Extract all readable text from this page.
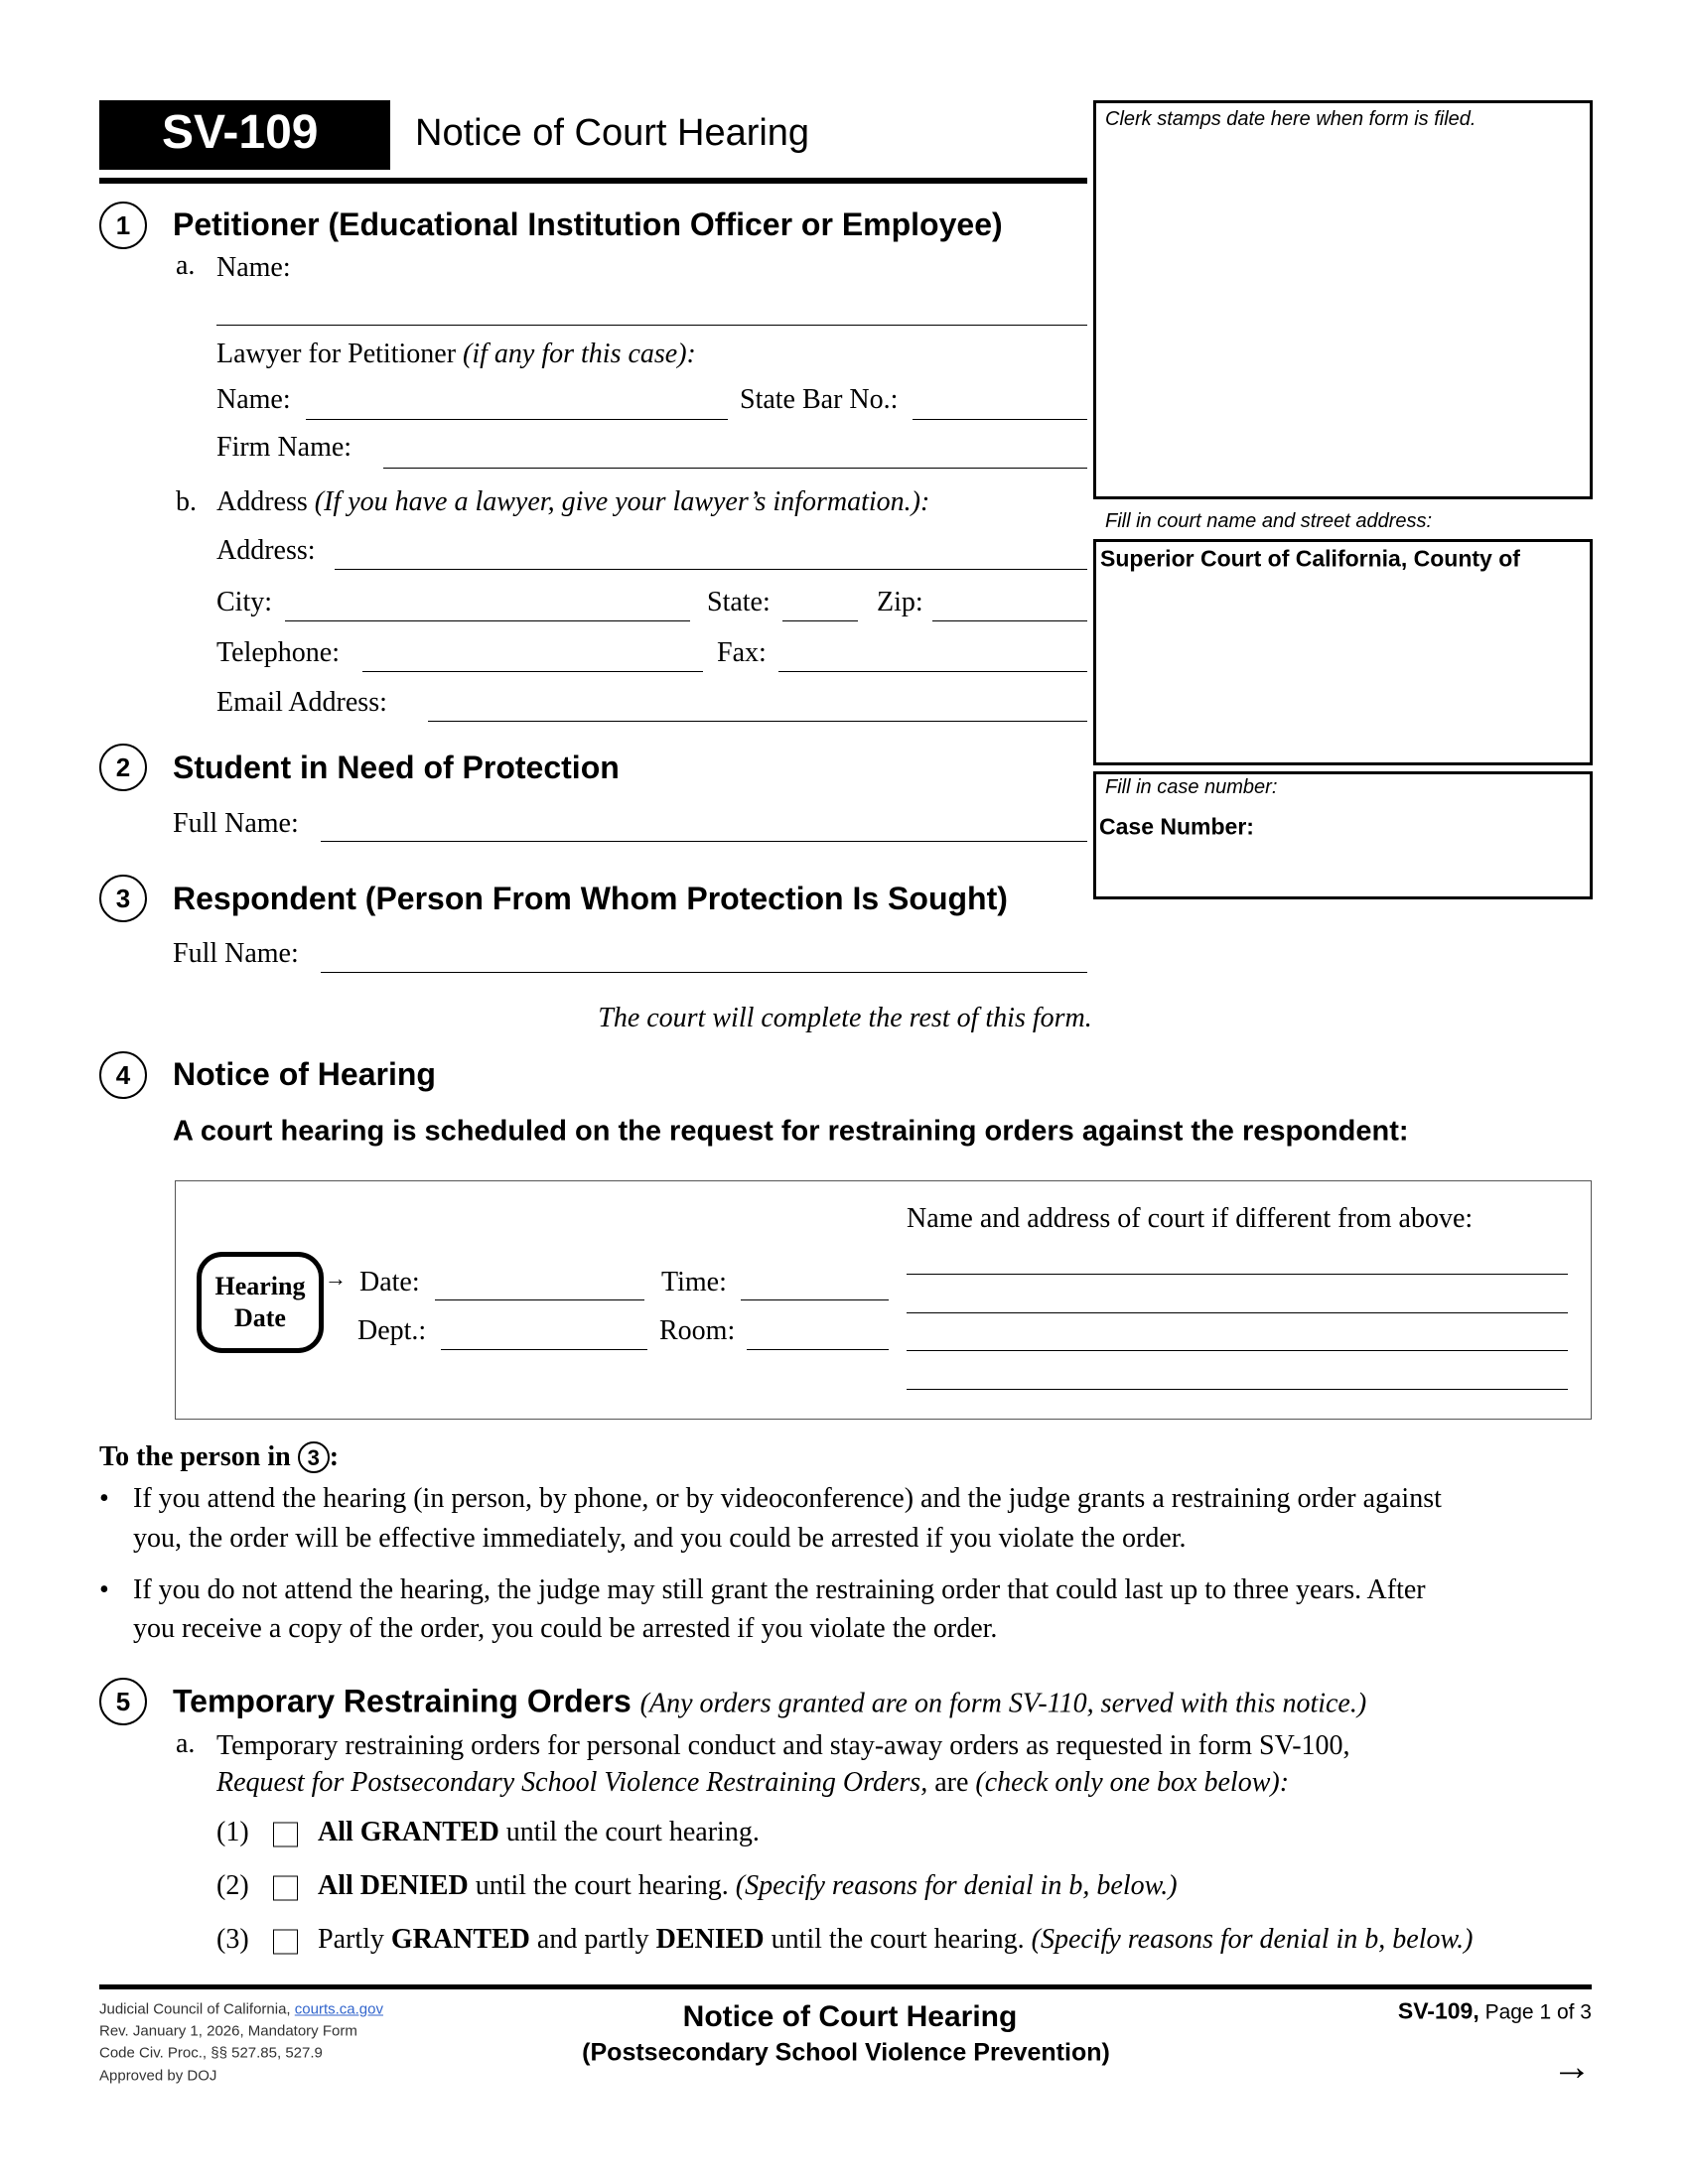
SV-109	Notice of Court Hearing	Clerk stamps date here when form is filed.
Fill in court name and street address:
Superior Court of California, County of
Fill in case number:
Case Number:
1	Petitioner (Educational Institution Officer or Employee)
a. Name:
Lawyer for Petitioner (if any for this case):
Name:	State Bar No.:
Firm Name:
b. Address (If you have a lawyer, give your lawyer’s information.):
Address:
City:	State:	Zip:
Telephone:	Fax:
Email Address:
2	Student in Need of Protection
Full Name:
3	Respondent (Person From Whom Protection Is Sought)
Full Name:
The court will complete the rest of this form.
4	Notice of Hearing
A court hearing is scheduled on the request for restraining orders against the respondent:
Hearing
Date
→ Date:	Time:
Dept.:	Room:
Name and address of court if different from above:
To the person in 3 :
• If you attend the hearing (in person, by phone, or by videoconference) and the judge grants a restraining order against
you, the order will be effective immediately, and you could be arrested if you violate the order.
• If you do not attend the hearing, the judge may still grant the restraining order that could last up to three years. After
you receive a copy of the order, you could be arrested if you violate the order.
5	Temporary Restraining Orders (Any orders granted are on form SV-110, served with this notice.)
a. Temporary restraining orders for personal conduct and stay-away orders as requested in form SV-100,
Request for Postsecondary School Violence Restraining Orders, are (check only one box below):
(1) All GRANTED until the court hearing.
(2) All DENIED until the court hearing. (Specify reasons for denial in b, below.)
(3) Partly GRANTED and partly DENIED until the court hearing. (Specify reasons for denial in b, below.)
Judicial Council of California, courts.ca.gov
Rev. January 1, 2026, Mandatory Form
Code Civ. Proc., §§ 527.85, 527.9
Approved by DOJ
Notice of Court Hearing
(Postsecondary School Violence Prevention)
SV-109, Page 1 of 3
→
